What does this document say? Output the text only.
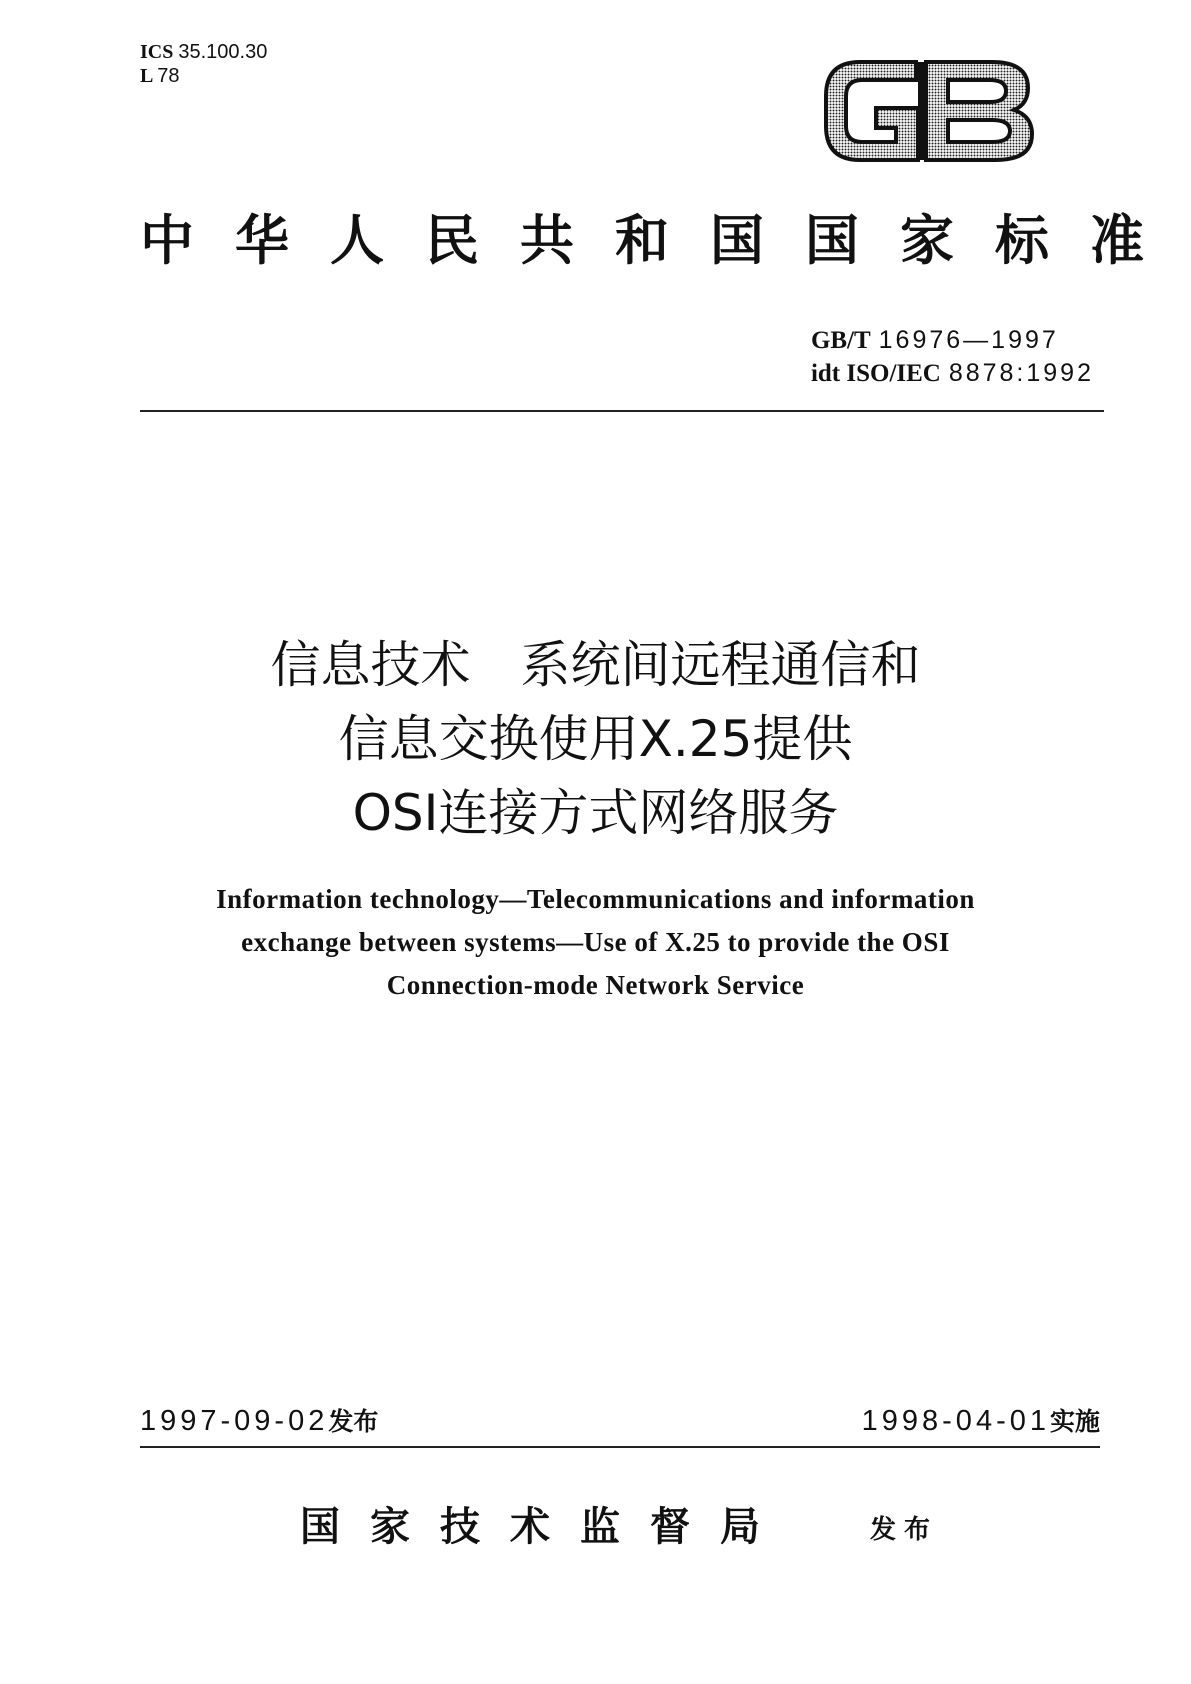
ICS 35.100.30
L 78
中华人民共和国国家标准
GB/T 16976—1997
idt ISO/IEC 8878:1992
信息技术　系统间远程通信和
信息交换使用X.25提供
OSI连接方式网络服务
Information technology—Telecommunications and information
exchange between systems—Use of X.25 to provide the OSI
Connection-mode Network Service
1997-09-02发布	1998-04-01实施
国家技术监督局	发布
